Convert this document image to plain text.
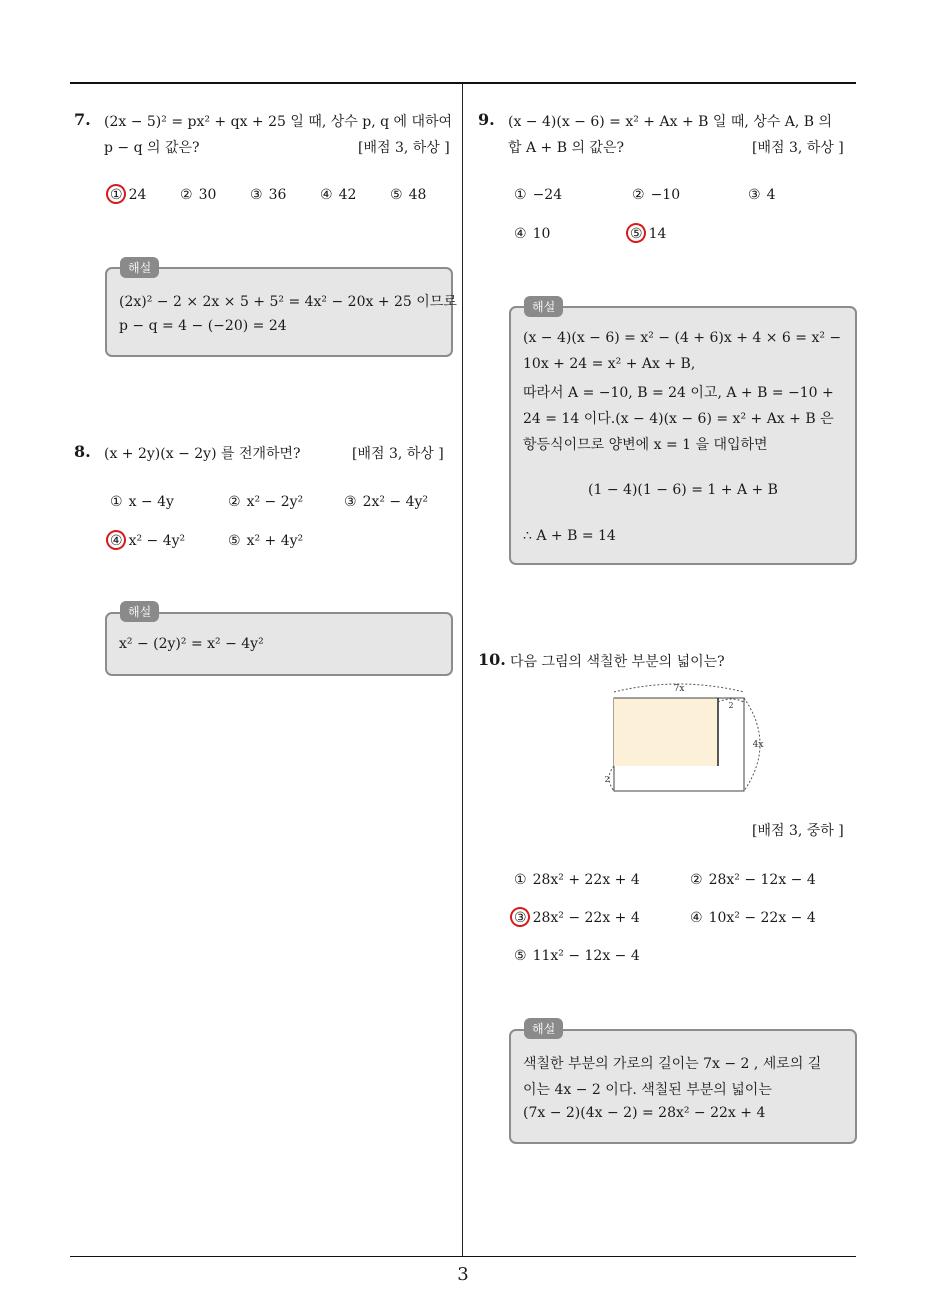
7. (2x − 5)² = px² + qx + 25 일 때, 상수 p, q 에 대하여
p − q 의 값은?	[배점 3, 하상 ]
① 24 ② 30 ③ 36 ④ 42 ⑤ 48
(2x)² − 2 × 2x × 5 + 5² = 4x² − 20x + 25 이므로
p − q = 4 − (−20) = 24
해설
8. (x + 2y)(x − 2y) 를 전개하면?	[배점 3, 하상 ]
① x − 4y	② x² − 2y²	③ 2x² − 4y²
④ x² − 4y²	⑤ x² + 4y²
x² − (2y)² = x² − 4y²
해설
9. (x − 4)(x − 6) = x² + Ax + B 일 때, 상수 A, B 의
합 A + B 의 값은?	[배점 3, 하상 ]
① −24	② −10	③ 4
④ 10	⑤ 14
(x − 4)(x − 6) = x² − (4 + 6)x + 4 × 6 = x² −
10x + 24 = x² + Ax + B,
따라서 A = −10, B = 24 이고, A + B = −10 +
24 = 14 이다.(x − 4)(x − 6) = x² + Ax + B 은
항등식이므로 양변에 x = 1 을 대입하면
(1 − 4)(1 − 6) = 1 + A + B
∴ A + B = 14
해설
10. 다음 그림의 색칠한 부분의 넓이는?
7x
2
4x
2
[배점 3, 중하 ]
① 28x² + 22x + 4	② 28x² − 12x − 4
③ 28x² − 22x + 4	④ 10x² − 22x − 4
⑤ 11x² − 12x − 4
색칠한 부분의 가로의 길이는 7x − 2 , 세로의 길
이는 4x − 2 이다. 색칠된 부분의 넓이는
(7x − 2)(4x − 2) = 28x² − 22x + 4
해설
3
